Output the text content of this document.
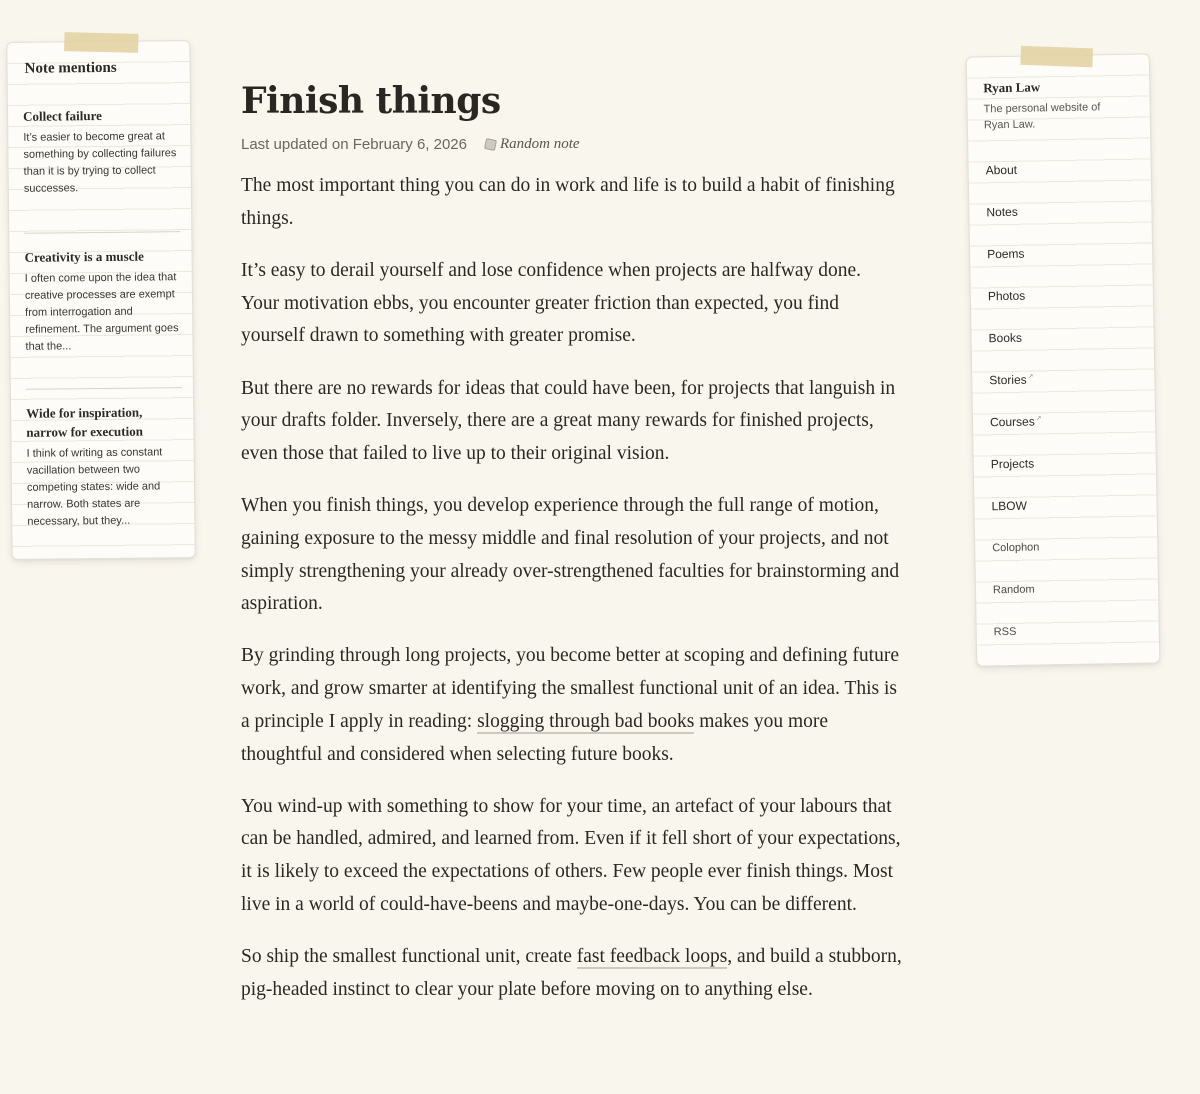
Note mentions
Collect failure
It’s easier to become great at something by collecting failures than it is by trying to collect successes.
Creativity is a muscle
I often come upon the idea that creative processes are exempt from interrogation and refinement. The argument goes that the...
Wide for inspiration, narrow for execution
I think of writing as constant vacillation between two competing states: wide and narrow. Both states are necessary, but they...
Finish things
Last updated on February 6, 2026 Random note

The most important thing you can do in work and life is to build a habit of finishing things.

It’s easy to derail yourself and lose confidence when projects are halfway done. Your motivation ebbs, you encounter greater friction than expected, you find yourself drawn to something with greater promise.

But there are no rewards for ideas that could have been, for projects that languish in your drafts folder. Inversely, there are a great many rewards for finished projects, even those that failed to live up to their original vision.

When you finish things, you develop experience through the full range of motion, gaining exposure to the messy middle and final resolution of your projects, and not simply strengthening your already over-strengthened faculties for brainstorming and aspiration.

By grinding through long projects, you become better at scoping and defining future work, and grow smarter at identifying the smallest functional unit of an idea. This is a principle I apply in reading: slogging through bad books makes you more thoughtful and considered when selecting future books.

You wind-up with something to show for your time, an artefact of your labours that can be handled, admired, and learned from. Even if it fell short of your expectations, it is likely to exceed the expectations of others. Few people ever finish things. Most live in a world of could-have-beens and maybe-one-days. You can be different.

So ship the smallest functional unit, create fast feedback loops, and build a stubborn, pig-headed instinct to clear your plate before moving on to anything else.

Ryan Law
The personal website of Ryan Law.
About
Notes
Poems
Photos
Books
Stories↗
Courses↗
Projects
LBOW
Colophon
Random
RSS
